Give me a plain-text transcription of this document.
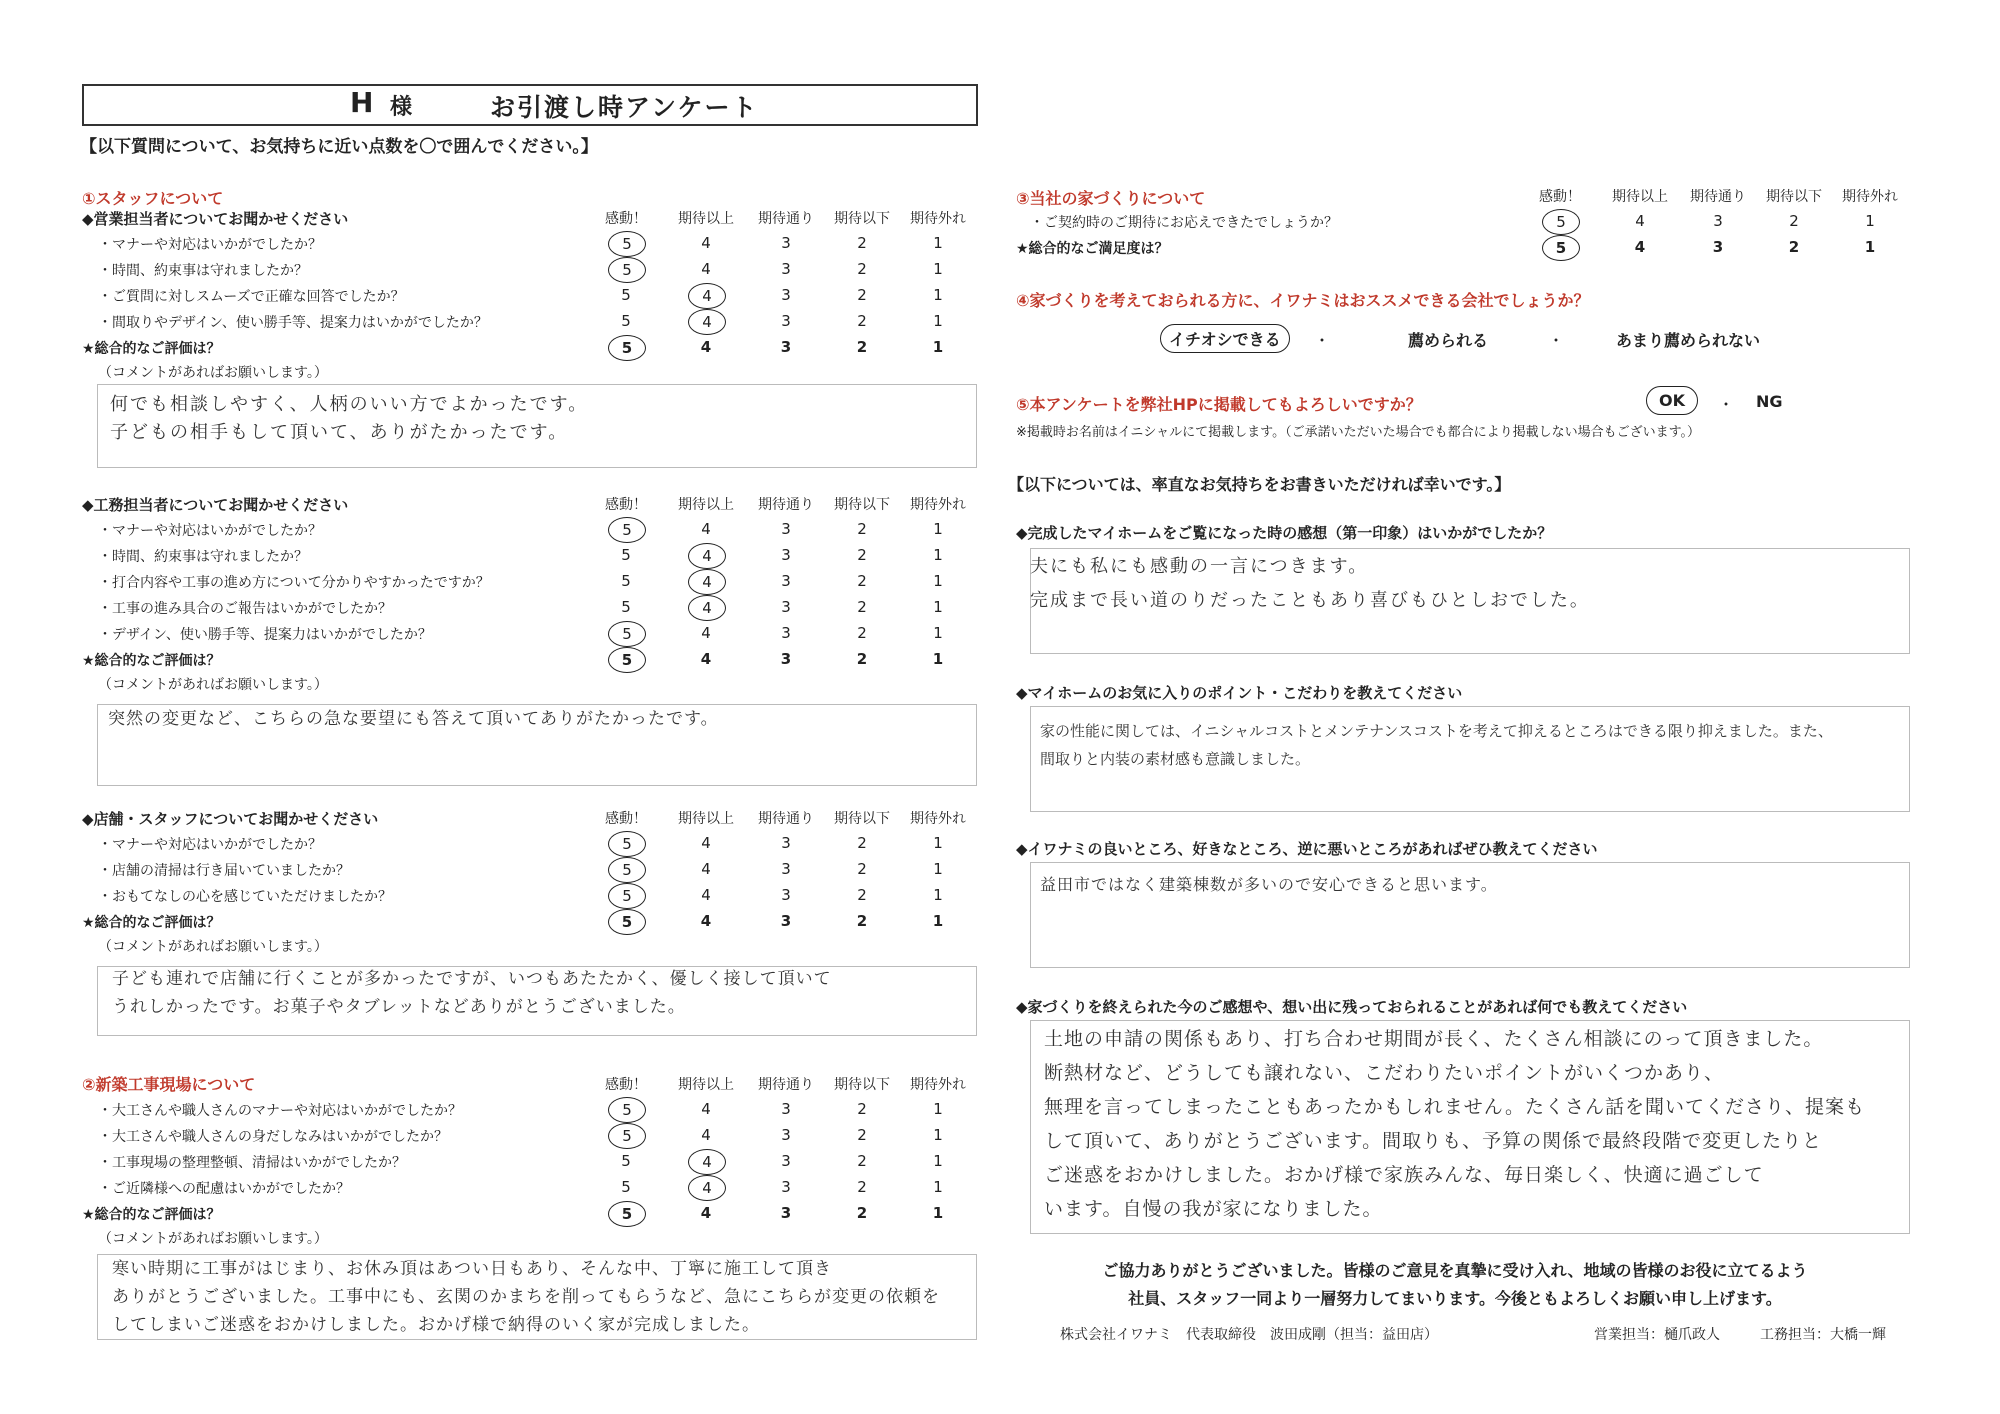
H 様	お引渡し時アンケート
【以下質問について、お気持ちに近い点数を〇で囲んでください。】
①スタッフについて
何でも相談しやすく、人柄のいい方でよかったです。
子どもの相手もして頂いて、ありがたかったです。
突然の変更など、こちらの急な要望にも答えて頂いてありがたかったです。
子ども連れで店舗に行くことが多かったですが、いつもあたたかく、優しく接して頂いて
うれしかったです。お菓子やタブレットなどありがとうございました。
寒い時期に工事がはじまり、お休み頂はあつい日もあり、そんな中、丁寧に施工して頂き
ありがとうございました。工事中にも、玄関のかまちを削ってもらうなど、急にこちらが変更の依頼を
してしまいご迷惑をおかけしました。おかげ様で納得のいく家が完成しました。
③当社の家づくりについて
④家づくりを考えておられる方に、イワナミはおススメできる会社でしょうか？
イチオシできる	・	薦められる	・	あまり薦められない
⑤本アンケートを弊社HPに掲載してもよろしいですか？	OK	・ NG
※掲載時お名前はイニシャルにて掲載します。（ご承諾いただいた場合でも都合により掲載しない場合もございます。）
【以下については、率直なお気持ちをお書きいただければ幸いです。】
◆完成したマイホームをご覧になった時の感想（第一印象）はいかがでしたか？
夫にも私にも感動の一言につきます。
完成まで長い道のりだったこともあり喜びもひとしおでした。
◆マイホームのお気に入りのポイント・こだわりを教えてください
家の性能に関しては、イニシャルコストとメンテナンスコストを考えて抑えるところはできる限り抑えました。また、
間取りと内装の素材感も意識しました。
◆イワナミの良いところ、好きなところ、逆に悪いところがあればぜひ教えてください
益田市ではなく建築棟数が多いので安心できると思います。
◆家づくりを終えられた今のご感想や、想い出に残っておられることがあれば何でも教えてください
土地の申請の関係もあり、打ち合わせ期間が長く、たくさん相談にのって頂きました。
断熱材など、どうしても譲れない、こだわりたいポイントがいくつかあり、
無理を言ってしまったこともあったかもしれません。たくさん話を聞いてくださり、提案も
して頂いて、ありがとうございます。間取りも、予算の関係で最終段階で変更したりと
ご迷惑をおかけしました。おかげ様で家族みんな、毎日楽しく、快適に過ごして
います。自慢の我が家になりました。
ご協力ありがとうございました。皆様のご意見を真摯に受け入れ、地域の皆様のお役に立てるよう
社員、スタッフ一同より一層努力してまいります。今後ともよろしくお願い申し上げます。
株式会社イワナミ　代表取締役　波田成剛（担当：益田店）	営業担当：樋爪政人	工務担当：大橋一輝
◆営業担当者についてお聞かせください	感動！	期待以上	期待通り	期待以下	期待外れ
・マナーや対応はいかがでしたか？	5	4	3	2	1
・時間、約束事は守れましたか？	5	4	3	2	1
・ご質問に対しスムーズで正確な回答でしたか？	5	4	3	2	1
・間取りやデザイン、使い勝手等、提案力はいかがでしたか？	5	4	3	2	1
★総合的なご評価は？	5	4	3	2	1
（コメントがあればお願いします。）
◆工務担当者についてお聞かせください	感動！	期待以上	期待通り	期待以下	期待外れ
・マナーや対応はいかがでしたか？	5	4	3	2	1
・時間、約束事は守れましたか？	5	4	3	2	1
・打合内容や工事の進め方について分かりやすかったですか？	5	4	3	2	1
・工事の進み具合のご報告はいかがでしたか？	5	4	3	2	1
・デザイン、使い勝手等、提案力はいかがでしたか？	5	4	3	2	1
★総合的なご評価は？	5	4	3	2	1
（コメントがあればお願いします。）
◆店舗・スタッフについてお聞かせください	感動！	期待以上	期待通り	期待以下	期待外れ
・マナーや対応はいかがでしたか？	5	4	3	2	1
・店舗の清掃は行き届いていましたか？	5	4	3	2	1
・おもてなしの心を感じていただけましたか？	5	4	3	2	1
★総合的なご評価は？	5	4	3	2	1
（コメントがあればお願いします。）
②新築工事現場について	感動！	期待以上	期待通り	期待以下	期待外れ
・大工さんや職人さんのマナーや対応はいかがでしたか？	5	4	3	2	1
・大工さんや職人さんの身だしなみはいかがでしたか？	5	4	3	2	1
・工事現場の整理整頓、清掃はいかがでしたか？	5	4	3	2	1
・ご近隣様への配慮はいかがでしたか？	5	4	3	2	1
★総合的なご評価は？	5	4	3	2	1
（コメントがあればお願いします。）
感動！	期待以上	期待通り	期待以下	期待外れ
・ご契約時のご期待にお応えできたでしょうか？	5	4	3	2	1
★総合的なご満足度は？	5	4	3	2	1
